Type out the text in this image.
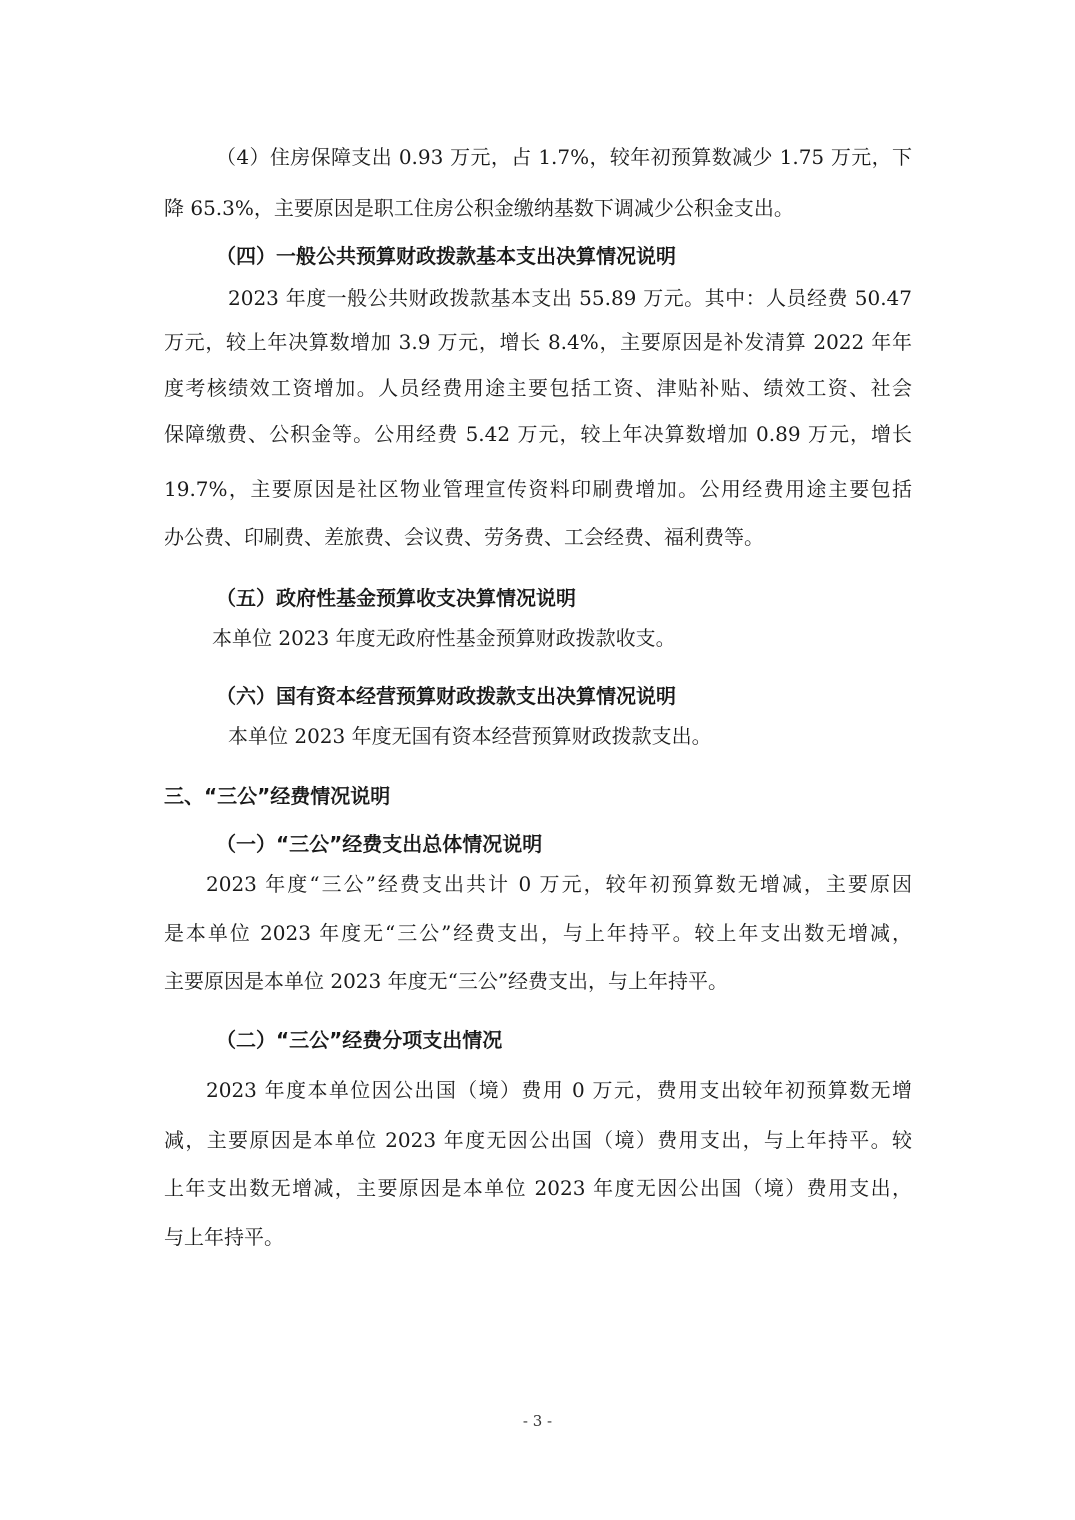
（4）住房保障支出 0.93 万元，占 1.7%，较年初预算数减少 1.75 万元，下

降 65.3%，主要原因是职工住房公积金缴纳基数下调减少公积金支出。

（四）一般公共预算财政拨款基本支出决算情况说明

2023 年度一般公共财政拨款基本支出 55.89 万元。其中：人员经费 50.47

万元，较上年决算数增加 3.9 万元，增长 8.4%，主要原因是补发清算 2022 年年

度考核绩效工资增加。人员经费用途主要包括工资、津贴补贴、绩效工资、社会

保障缴费、公积金等。公用经费 5.42 万元，较上年决算数增加 0.89 万元，增长

19.7%，主要原因是社区物业管理宣传资料印刷费增加。公用经费用途主要包括

办公费、印刷费、差旅费、会议费、劳务费、工会经费、福利费等。

（五）政府性基金预算收支决算情况说明

本单位 2023 年度无政府性基金预算财政拨款收支。

（六）国有资本经营预算财政拨款支出决算情况说明

本单位 2023 年度无国有资本经营预算财政拨款支出。

三、“三公”经费情况说明

（一）“三公”经费支出总体情况说明

2023 年度“三公”经费支出共计 0 万元，较年初预算数无增减，主要原因

是本单位 2023 年度无“三公”经费支出，与上年持平。较上年支出数无增减，

主要原因是本单位 2023 年度无“三公”经费支出，与上年持平。

（二）“三公”经费分项支出情况

2023 年度本单位因公出国（境）费用 0 万元，费用支出较年初预算数无增

减，主要原因是本单位 2023 年度无因公出国（境）费用支出，与上年持平。较

上年支出数无增减，主要原因是本单位 2023 年度无因公出国（境）费用支出，

与上年持平。

- 3 -
